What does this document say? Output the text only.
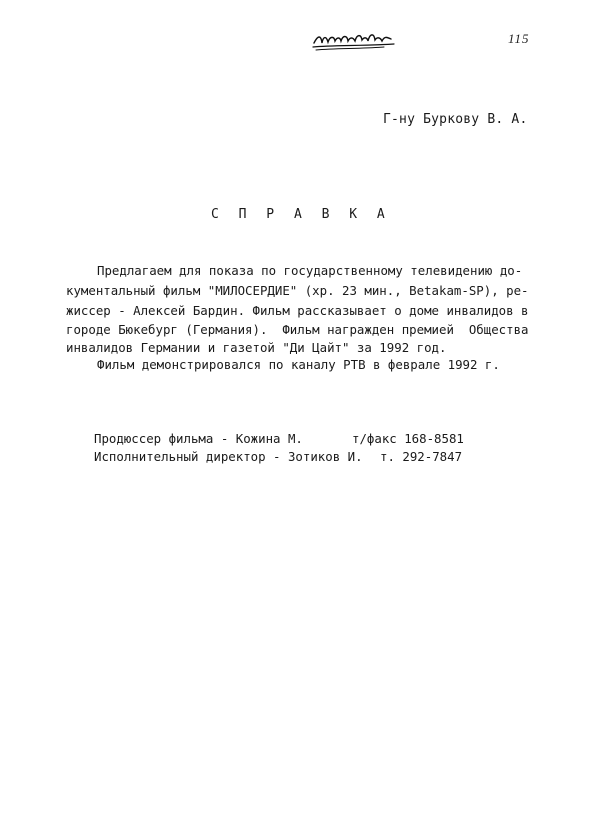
115
Г-ну Буркову В. А.
С П Р А В К А
Предлагаем для показа по государственному телевидению до-
кументальный фильм "МИЛОСЕРДИЕ" (хр. 23 мин., Betakam-SP), ре-
жиссер - Алексей Бардин. Фильм рассказывает о доме инвалидов в
городе Бюкебург (Германия).  Фильм награжден премией  Общества
инвалидов Германии и газетой "Ди Цайт" за 1992 год.
Фильм демонстрировался по каналу РТВ в феврале 1992 г.
Продюссер фильма - Кожина М.	т/факс 168-8581
Исполнительный директор - Зотиков И. т. 292-7847
